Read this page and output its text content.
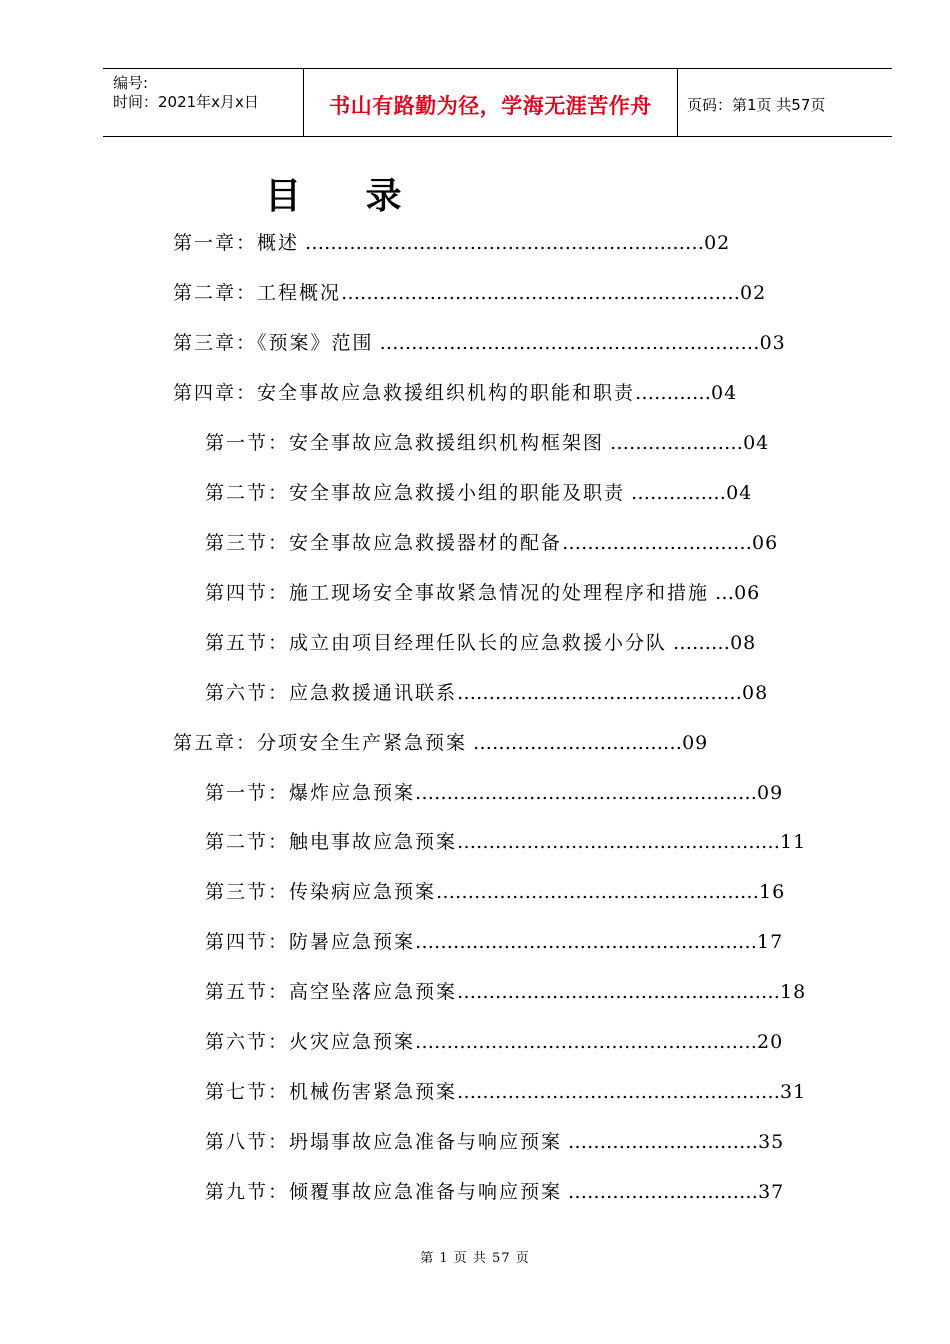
编号:
时间：2021年x月x日	书山有路勤为径，学海无涯苦作舟	页码：第1页 共57页
目 录
第一章：概述 ………………………………………………………02
第二章：工程概况………………………………………………………02
第三章：《预案》范围 ……………………………………………………03
第四章：安全事故应急救援组织机构的职能和职责…………04
第一节：安全事故应急救援组织机构框架图 …………………04
第二节：安全事故应急救援小组的职能及职责 ……………04
第三节：安全事故应急救援器材的配备…………………………06
第四节：施工现场安全事故紧急情况的处理程序和措施 …06
第五节：成立由项目经理任队长的应急救援小分队 ………08
第六节：应急救援通讯联系………………………………………08
第五章：分项安全生产紧急预案 ……………………………09
第一节：爆炸应急预案………………………………………………09
第二节：触电事故应急预案……………………………………………11
第三节：传染病应急预案……………………………………………16
第四节：防暑应急预案………………………………………………17
第五节：高空坠落应急预案……………………………………………18
第六节：火灾应急预案………………………………………………20
第七节：机械伤害紧急预案……………………………………………31
第八节：坍塌事故应急准备与响应预案 …………………………35
第九节：倾覆事故应急准备与响应预案 …………………………37
第 1 页 共 57 页
